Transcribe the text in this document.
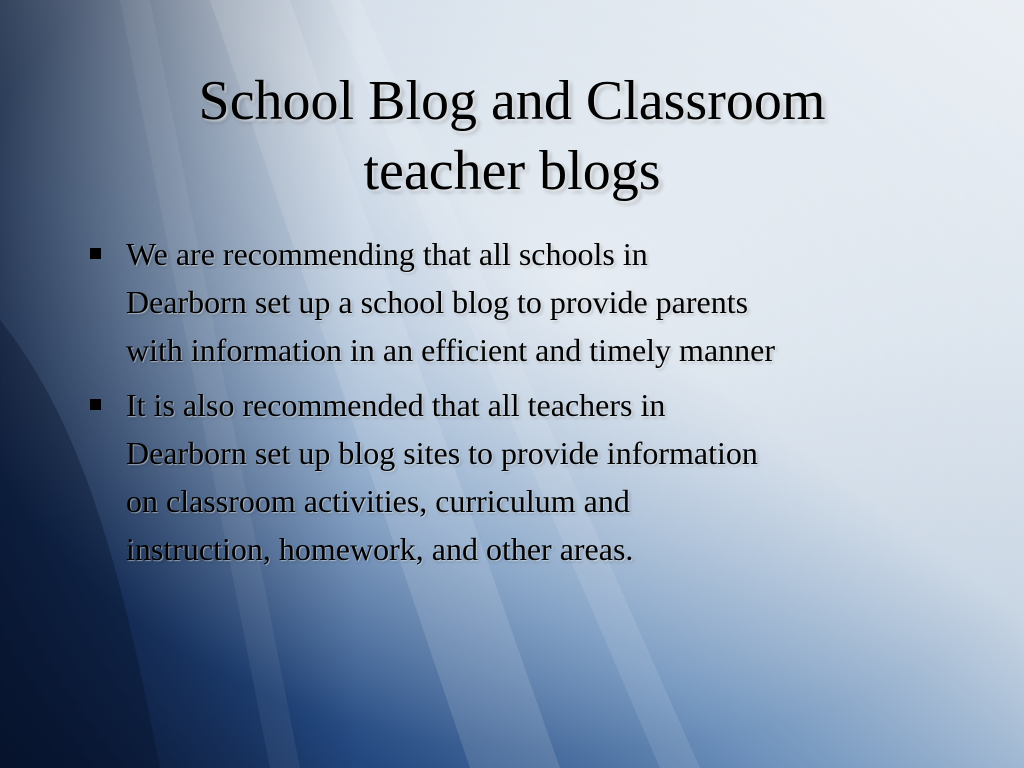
School Blog and Classroom
teacher blogs
We are recommending that all schools in
Dearborn set up a school blog to provide parents
with information in an efficient and timely manner
It is also recommended that all teachers in
Dearborn set up blog sites to provide information
on classroom activities, curriculum and
instruction, homework, and other areas.
